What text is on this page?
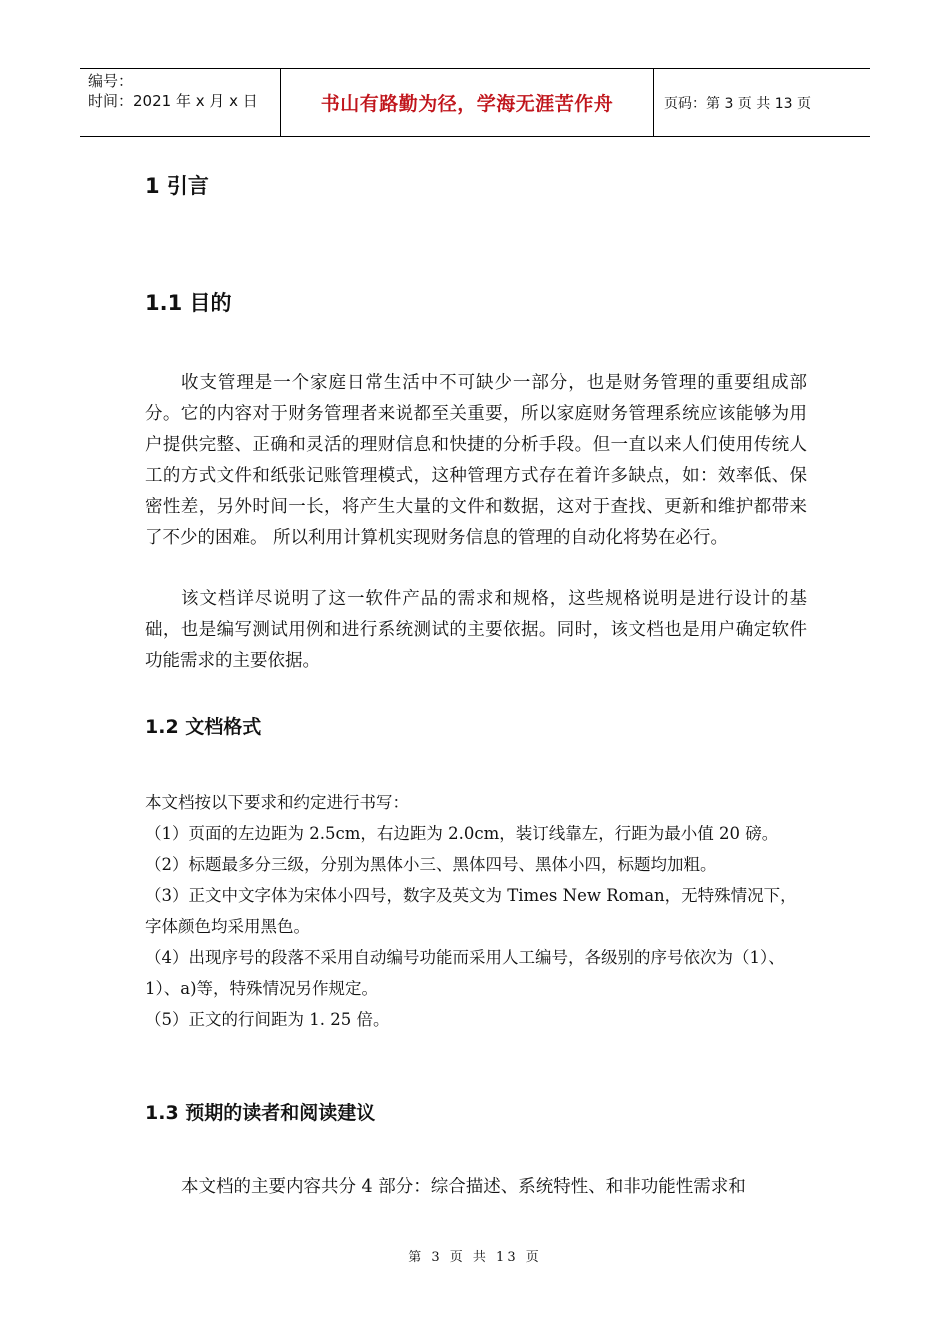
编号：
时间：2021 年 x 月 x 日	书山有路勤为径，学海无涯苦作舟	页码：第 3 页 共 13 页
1 引言
1.1 目的
收支管理是一个家庭日常生活中不可缺少一部分，也是财务管理的重要组成部分。它的内容对于财务管理者来说都至关重要，所以家庭财务管理系统应该能够为用户提供完整、正确和灵活的理财信息和快捷的分析手段。但一直以来人们使用传统人工的方式文件和纸张记账管理模式，这种管理方式存在着许多缺点，如：效率低、保密性差，另外时间一长，将产生大量的文件和数据，这对于查找、更新和维护都带来了不少的困难。 所以利用计算机实现财务信息的管理的自动化将势在必行。
该文档详尽说明了这一软件产品的需求和规格，这些规格说明是进行设计的基础，也是编写测试用例和进行系统测试的主要依据。同时，该文档也是用户确定软件功能需求的主要依据。
1.2 文档格式

本文档按以下要求和约定进行书写：

（1）页面的左边距为 2.5cm，右边距为 2.0cm，装订线靠左，行距为最小值 20 磅。

（2）标题最多分三级，分别为黑体小三、黑体四号、黑体小四，标题均加粗。

（3）正文中文字体为宋体小四号，数字及英文为 Times New Roman，无特殊情况下，字体颜色均采用黑色。

（4）出现序号的段落不采用自动编号功能而采用人工编号，各级别的序号依次为（1）、1）、a)等，特殊情况另作规定。

（5）正文的行间距为 1. 25 倍。

1.3 预期的读者和阅读建议
本文档的主要内容共分 4 部分：综合描述、系统特性、和非功能性需求和
第 3 页 共 13 页
